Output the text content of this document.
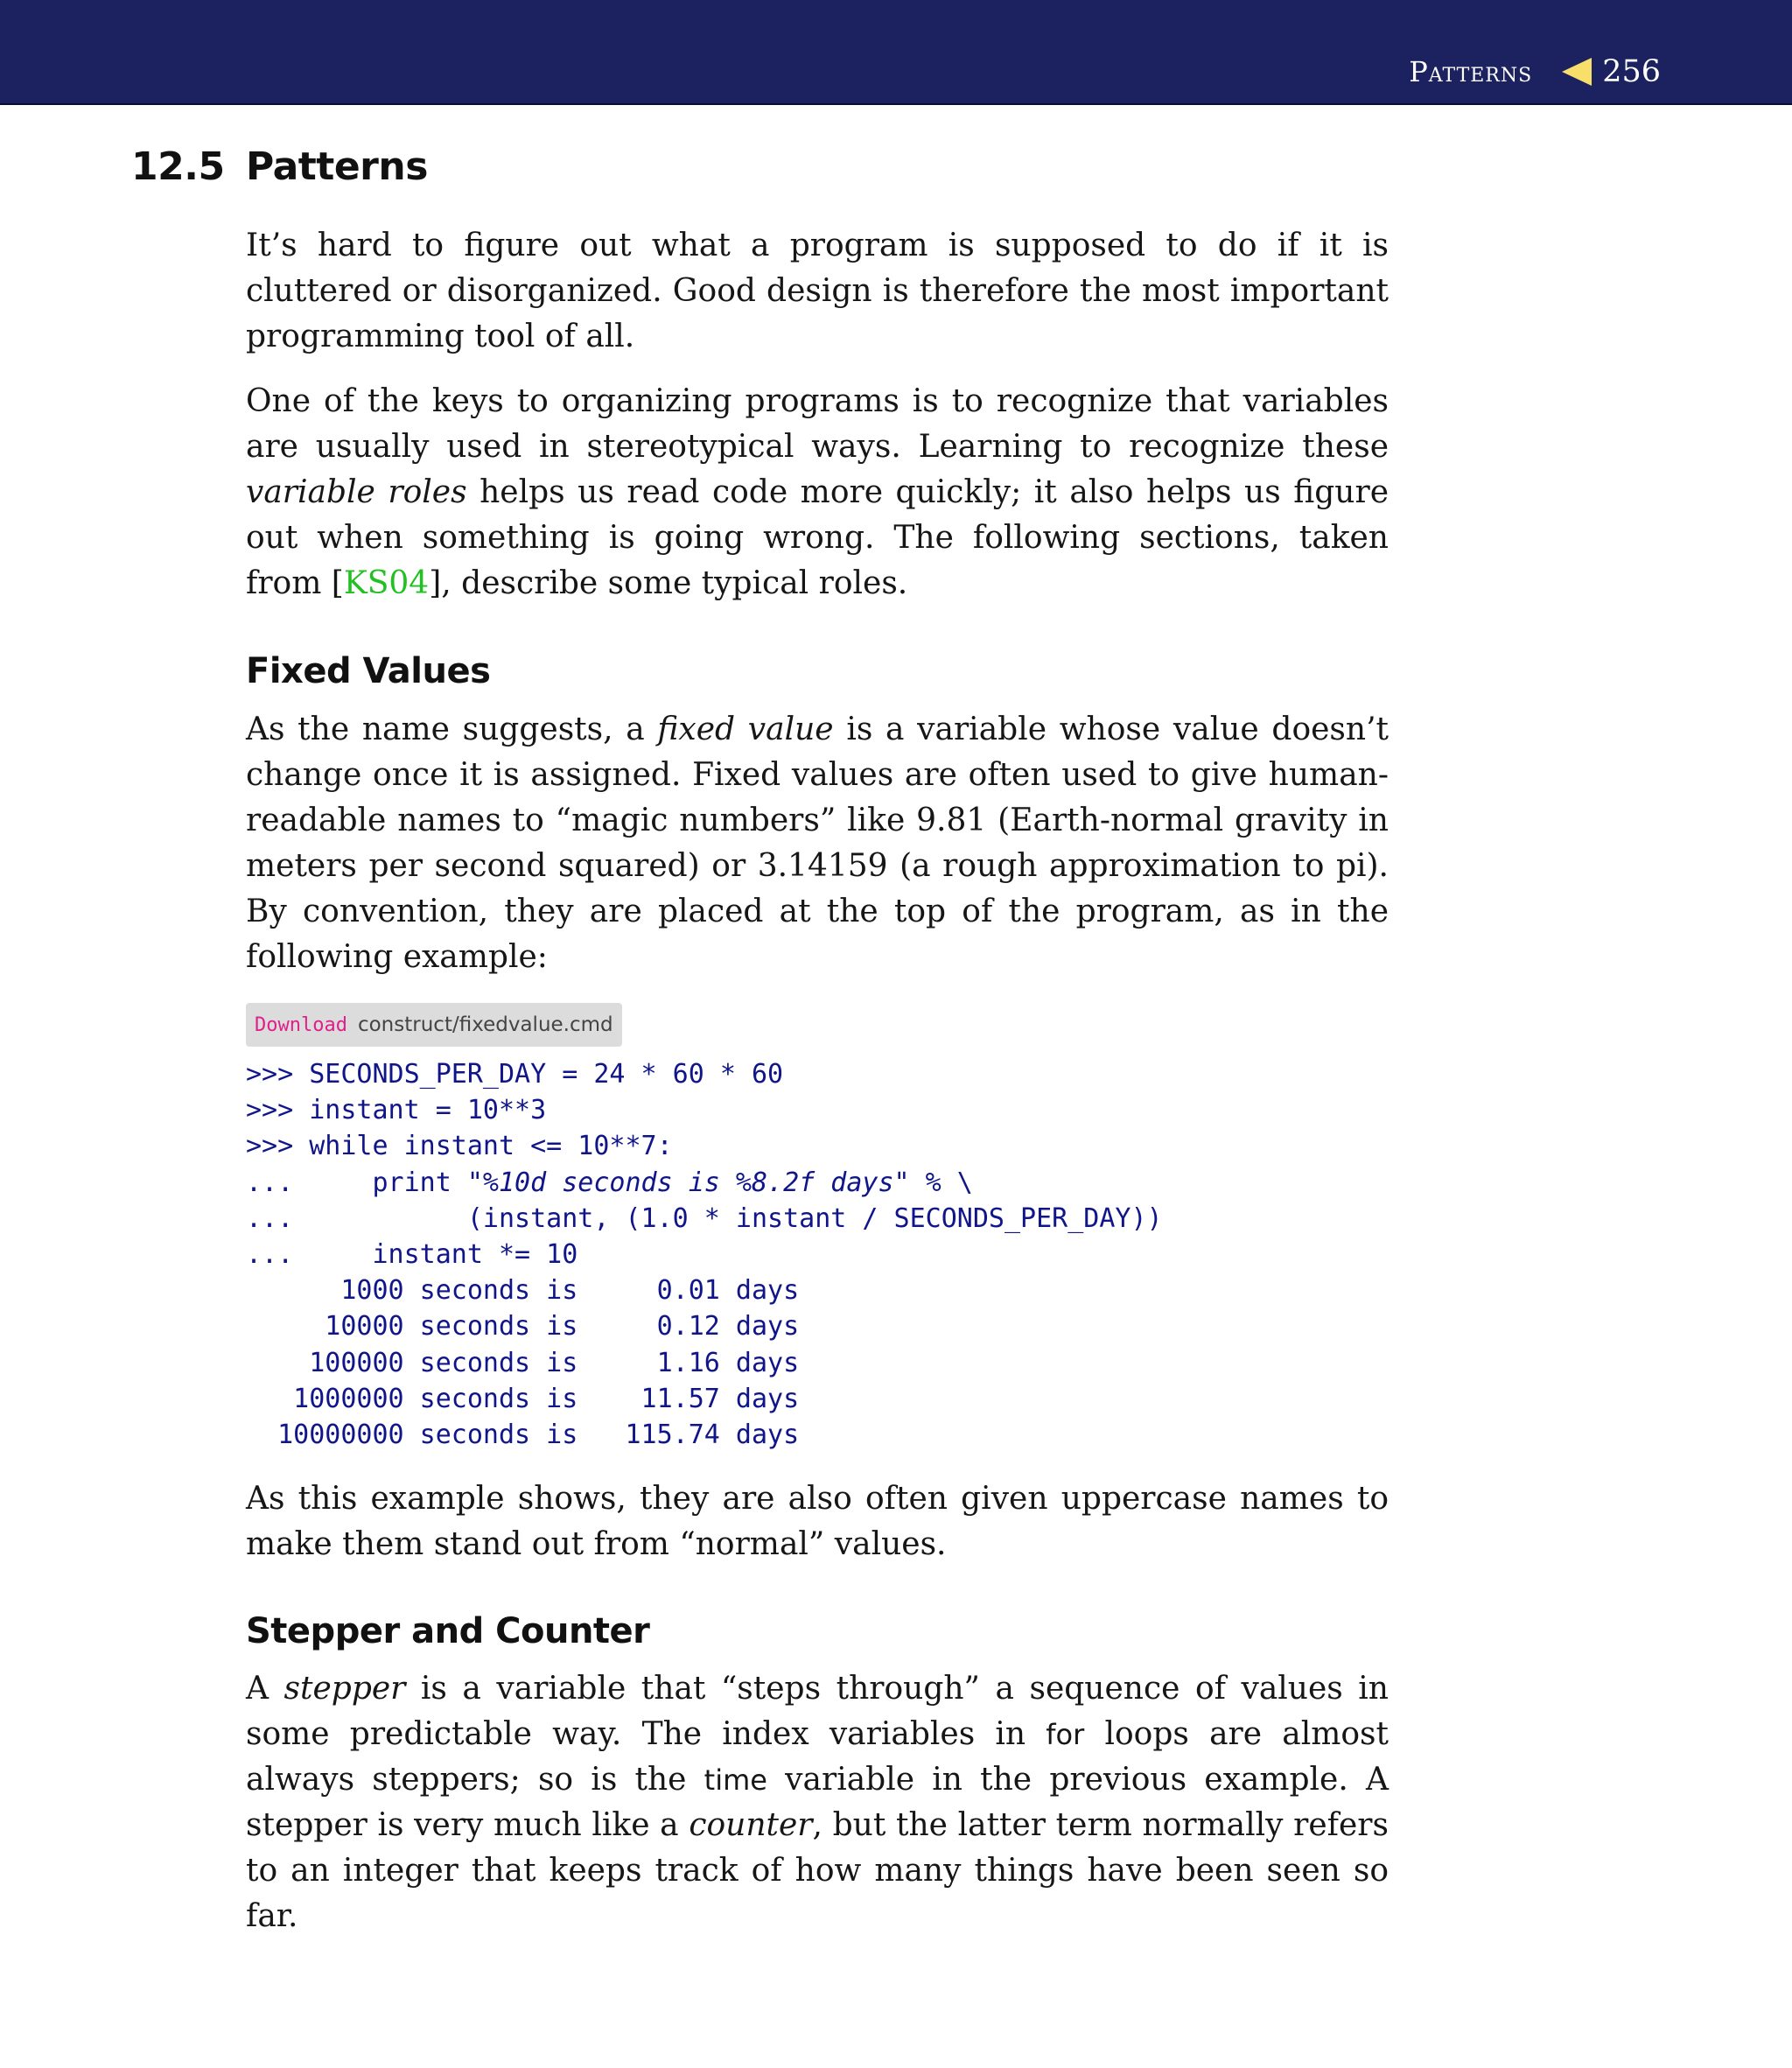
Patterns 256
12.5 Patterns

It’s hard to figure out what a program is supposed to do if it is cluttered or disorganized. Good design is therefore the most important programming tool of all.

One of the keys to organizing programs is to recognize that variables are usually used in stereotypical ways. Learning to recognize these variable roles helps us read code more quickly; it also helps us figure out when something is going wrong. The following sections, taken from [KS04], describe some typical roles.

Fixed Values

As the name suggests, a fixed value is a variable whose value doesn’t change once it is assigned. Fixed values are often used to give human-readable names to “magic numbers” like 9.81 (Earth-normal gravity in meters per second squared) or 3.14159 (a rough approximation to pi). By convention, they are placed at the top of the program, as in the following example:

Download construct/fixedvalue.cmd
>>> SECONDS_PER_DAY = 24 * 60 * 60
>>> instant = 10**3
>>> while instant <= 10**7:
...     print "%10d seconds is %8.2f days" % \
...           (instant, (1.0 * instant / SECONDS_PER_DAY))
...     instant *= 10
1000 seconds is     0.01 days
10000 seconds is     0.12 days
100000 seconds is     1.16 days
1000000 seconds is    11.57 days
10000000 seconds is   115.74 days

As this example shows, they are also often given uppercase names to make them stand out from “normal” values.

Stepper and Counter

A stepper is a variable that “steps through” a sequence of values in some predictable way. The index variables in for loops are almost always steppers; so is the time variable in the previous example. A stepper is very much like a counter, but the latter term normally refers to an integer that keeps track of how many things have been seen so far.
